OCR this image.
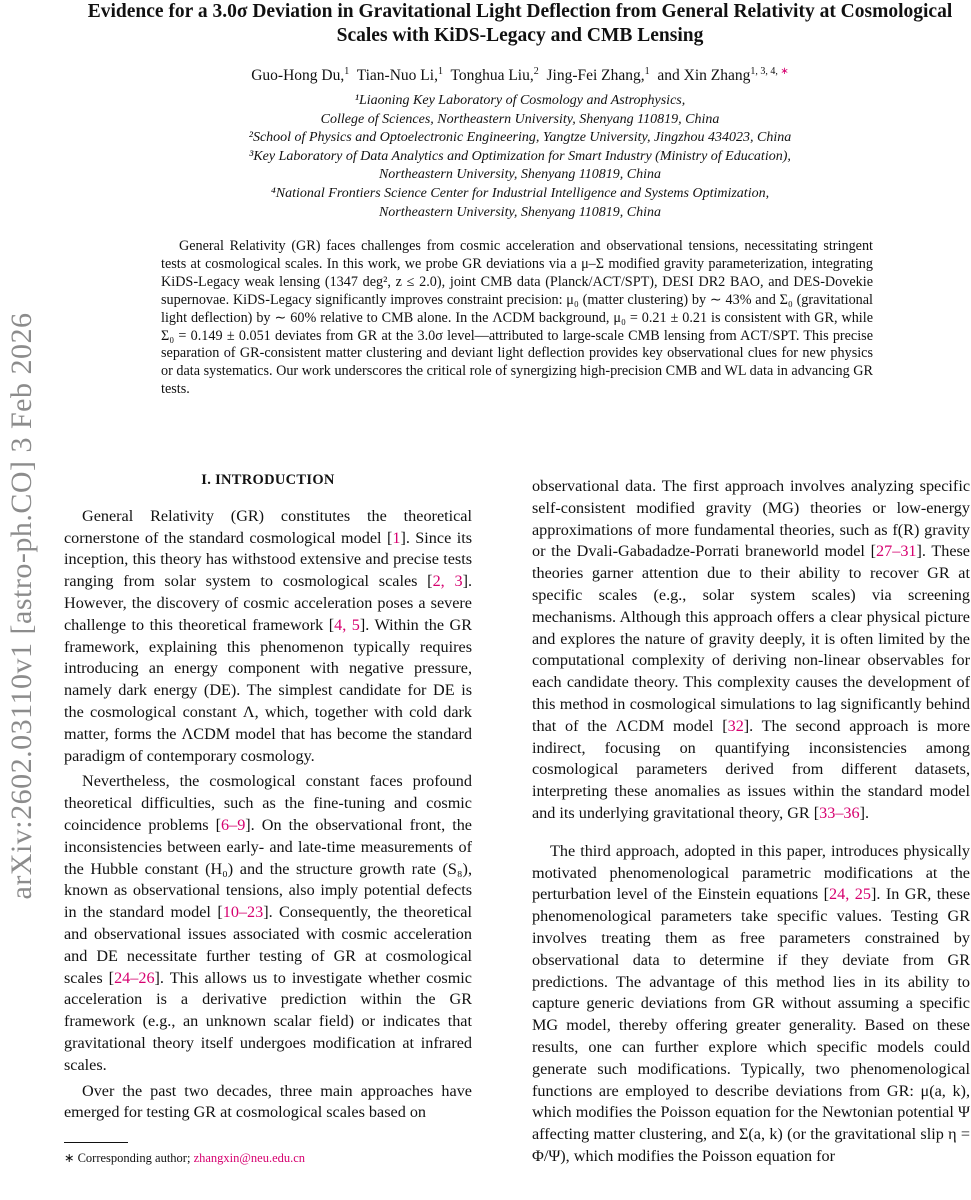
arXiv:2602.03110v1 [astro-ph.CO] 3 Feb 2026
Evidence for a 3.0σ Deviation in Gravitational Light Deflection from General Relativity at Cosmological Scales with KiDS-Legacy and CMB Lensing
Guo-Hong Du,$^1$ Tian-Nuo Li,$^1$ Tonghua Liu,$^2$ Jing-Fei Zhang,$^1$ and Xin Zhang$^{1, 3, 4, ∗}$

¹Liaoning Key Laboratory of Cosmology and Astrophysics,

College of Sciences, Northeastern University, Shenyang 110819, China

²School of Physics and Optoelectronic Engineering, Yangtze University, Jingzhou 434023, China

³Key Laboratory of Data Analytics and Optimization for Smart Industry (Ministry of Education),

Northeastern University, Shenyang 110819, China

⁴National Frontiers Science Center for Industrial Intelligence and Systems Optimization,

Northeastern University, Shenyang 110819, China

General Relativity (GR) faces challenges from cosmic acceleration and observational tensions, necessitating stringent tests at cosmological scales. In this work, we probe GR deviations via a μ–Σ modified gravity parameterization, integrating KiDS-Legacy weak lensing (1347 deg², z ≤ 2.0), joint CMB data (Planck/ACT/SPT), DESI DR2 BAO, and DES-Dovekie supernovae. KiDS-Legacy significantly improves constraint precision: μ₀ (matter clustering) by ∼ 43% and Σ₀ (gravitational light deflection) by ∼ 60% relative to CMB alone. In the ΛCDM background, μ₀ = 0.21 ± 0.21 is consistent with GR, while Σ₀ = 0.149 ± 0.051 deviates from GR at the 3.0σ level—attributed to large-scale CMB lensing from ACT/SPT. This precise separation of GR-consistent matter clustering and deviant light deflection provides key observational clues for new physics or data systematics. Our work underscores the critical role of synergizing high-precision CMB and WL data in advancing GR tests.
I. INTRODUCTION

General Relativity (GR) constitutes the theoretical cornerstone of the standard cosmological model [1]. Since its inception, this theory has withstood extensive and precise tests ranging from solar system to cosmological scales [2, 3]. However, the discovery of cosmic acceleration poses a severe challenge to this theoretical framework [4, 5]. Within the GR framework, explaining this phenomenon typically requires introducing an energy component with negative pressure, namely dark energy (DE). The simplest candidate for DE is the cosmological constant Λ, which, together with cold dark matter, forms the ΛCDM model that has become the standard paradigm of contemporary cosmology.

Nevertheless, the cosmological constant faces profound theoretical difficulties, such as the fine-tuning and cosmic coincidence problems [6–9]. On the observational front, the inconsistencies between early- and late-time measurements of the Hubble constant (H₀) and the structure growth rate (S₈), known as observational tensions, also imply potential defects in the standard model [10–23]. Consequently, the theoretical and observational issues associated with cosmic acceleration and DE necessitate further testing of GR at cosmological scales [24–26]. This allows us to investigate whether cosmic acceleration is a derivative prediction within the GR framework (e.g., an unknown scalar field) or indicates that gravitational theory itself undergoes modification at infrared scales.

Over the past two decades, three main approaches have emerged for testing GR at cosmological scales based on

observational data. The first approach involves analyzing specific self-consistent modified gravity (MG) theories or low-energy approximations of more fundamental theories, such as f(R) gravity or the Dvali-Gabadadze-Porrati braneworld model [27–31]. These theories garner attention due to their ability to recover GR at specific scales (e.g., solar system scales) via screening mechanisms. Although this approach offers a clear physical picture and explores the nature of gravity deeply, it is often limited by the computational complexity of deriving non-linear observables for each candidate theory. This complexity causes the development of this method in cosmological simulations to lag significantly behind that of the ΛCDM model [32]. The second approach is more indirect, focusing on quantifying inconsistencies among cosmological parameters derived from different datasets, interpreting these anomalies as issues within the standard model and its underlying gravitational theory, GR [33–36].

The third approach, adopted in this paper, introduces physically motivated phenomenological parametric modifications at the perturbation level of the Einstein equations [24, 25]. In GR, these phenomenological parameters take specific values. Testing GR involves treating them as free parameters constrained by observational data to determine if they deviate from GR predictions. The advantage of this method lies in its ability to capture generic deviations from GR without assuming a specific MG model, thereby offering greater generality. Based on these results, one can further explore which specific models could generate such modifications. Typically, two phenomenological functions are employed to describe deviations from GR: μ(a, k), which modifies the Poisson equation for the Newtonian potential Ψ affecting matter clustering, and Σ(a, k) (or the gravitational slip η = Φ/Ψ), which modifies the Poisson equation for

∗ Corresponding author; zhangxin@neu.edu.cn
